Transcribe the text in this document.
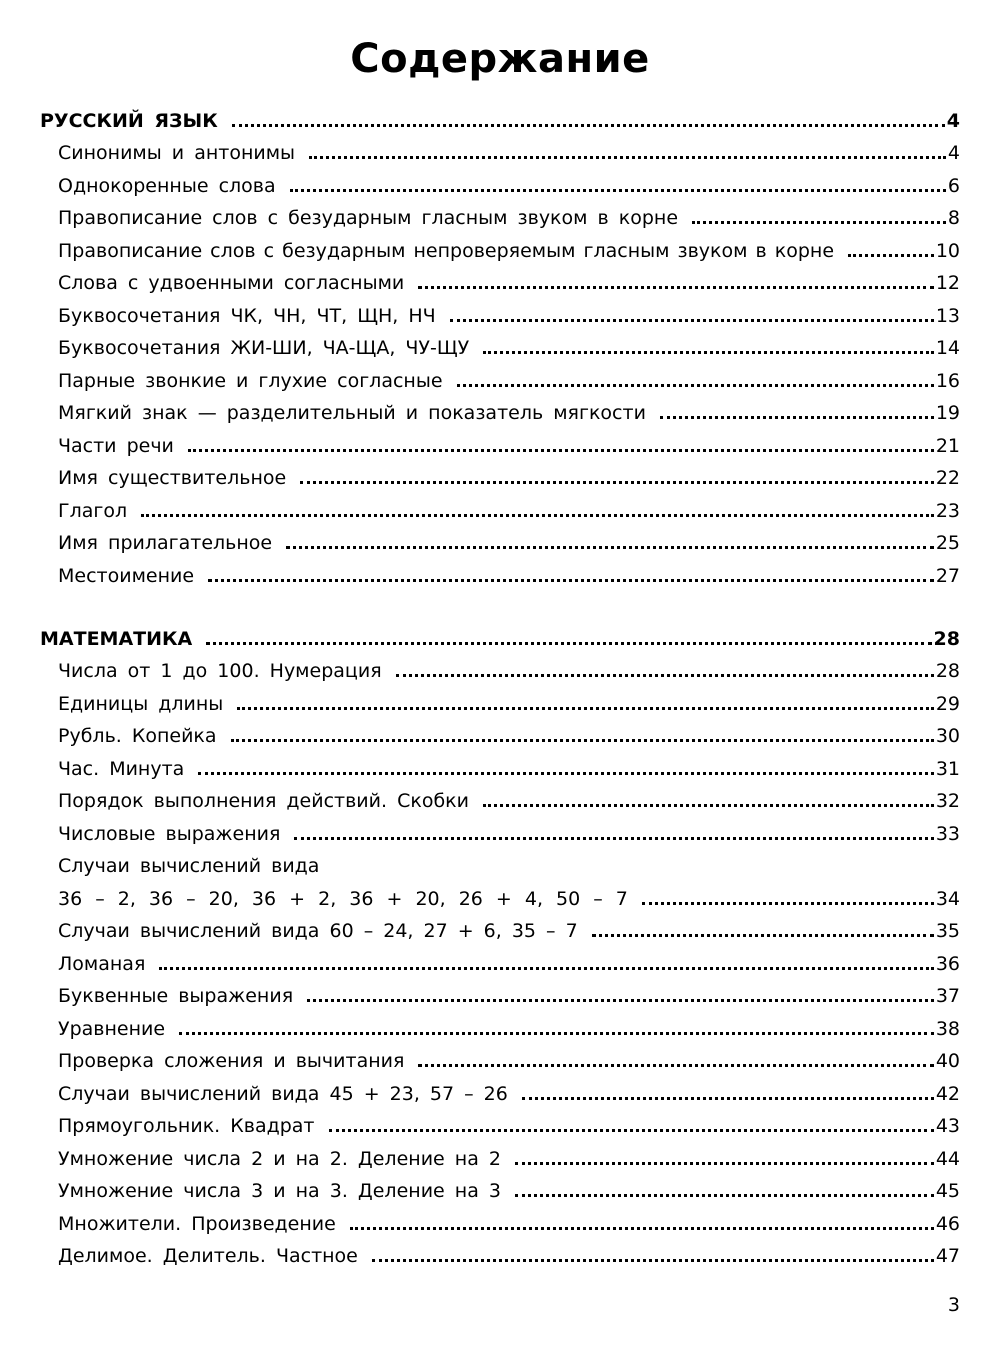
Содержание
РУССКИЙ ЯЗЫК	4
Синонимы и антонимы	4
Однокоренные слова	6
Правописание слов с безударным гласным звуком в корне	8
Правописание слов с безударным непроверяемым гласным звуком в корне	10
Слова с удвоенными согласными	12
Буквосочетания ЧК, ЧН, ЧТ, ЩН, НЧ	13
Буквосочетания ЖИ-ШИ, ЧА-ЩА, ЧУ-ЩУ	14
Парные звонкие и глухие согласные	16
Мягкий знак — разделительный и показатель мягкости	19
Части речи	21
Имя существительное	22
Глагол	23
Имя прилагательное	25
Местоимение	27
МАТЕМАТИКА	28
Числа от 1 до 100. Нумерация	28
Единицы длины	29
Рубль. Копейка	30
Час. Минута	31
Порядок выполнения действий. Скобки	32
Числовые выражения	33
Случаи вычислений вида
36 – 2, 36 – 20, 36 + 2, 36 + 20, 26 + 4, 50 – 7	34
Случаи вычислений вида 60 – 24, 27 + 6, 35 – 7	35
Ломаная	36
Буквенные выражения	37
Уравнение	38
Проверка сложения и вычитания	40
Случаи вычислений вида 45 + 23, 57 – 26	42
Прямоугольник. Квадрат	43
Умножение числа 2 и на 2. Деление на 2	44
Умножение числа 3 и на 3. Деление на 3	45
Множители. Произведение	46
Делимое. Делитель. Частное	47
3
